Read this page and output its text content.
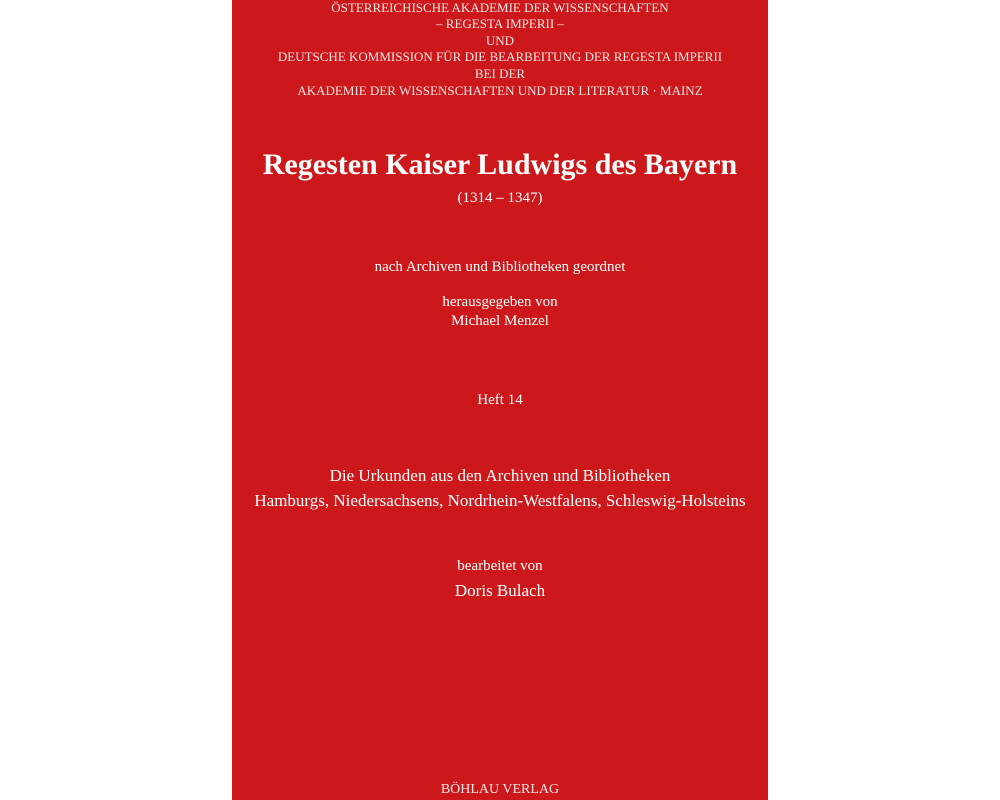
ÖSTERREICHISCHE AKADEMIE DER WISSENSCHAFTEN
– REGESTA IMPERII –
UND
DEUTSCHE KOMMISSION FÜR DIE BEARBEITUNG DER REGESTA IMPERII
BEI DER
AKADEMIE DER WISSENSCHAFTEN UND DER LITERATUR · MAINZ
Regesten Kaiser Ludwigs des Bayern
(1314 – 1347)
nach Archiven und Bibliotheken geordnet
herausgegeben von
Michael Menzel
Heft 14
Die Urkunden aus den Archiven und Bibliotheken
Hamburgs, Niedersachsens, Nordrhein-Westfalens, Schleswig-Holsteins
bearbeitet von
Doris Bulach
BÖHLAU VERLAG
